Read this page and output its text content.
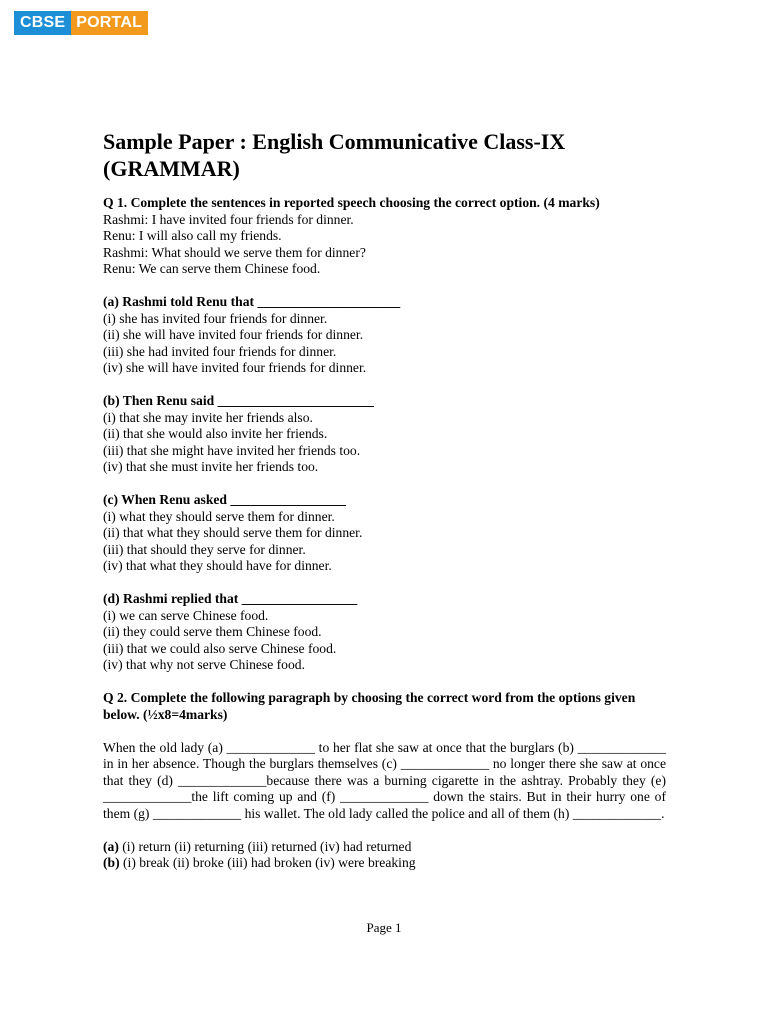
CBSE PORTAL
Sample Paper : English Communicative Class-IX (GRAMMAR)

Q 1. Complete the sentences in reported speech choosing the correct option. (4 marks)

Rashmi: I have invited four friends for dinner.

Renu: I will also call my friends.

Rashmi: What should we serve them for dinner?

Renu: We can serve them Chinese food.

(a) Rashmi told Renu that _____________________

(i) she has invited four friends for dinner.

(ii) she will have invited four friends for dinner.

(iii) she had invited four friends for dinner.

(iv) she will have invited four friends for dinner.

(b) Then Renu said _______________________

(i) that she may invite her friends also.

(ii) that she would also invite her friends.

(iii) that she might have invited her friends too.

(iv) that she must invite her friends too.

(c) When Renu asked _________________

(i) what they should serve them for dinner.

(ii) that what they should serve them for dinner.

(iii) that should they serve for dinner.

(iv) that what they should have for dinner.

(d) Rashmi replied that _________________

(i) we can serve Chinese food.

(ii) they could serve them Chinese food.

(iii) that we could also serve Chinese food.

(iv) that why not serve Chinese food.

Q 2. Complete the following paragraph by choosing the correct word from the options given below. (½x8=4marks)

When the old lady (a) _____________ to her flat she saw at once that the burglars (b) _____________ in in her absence. Though the burglars themselves (c) _____________ no longer there she saw at once that they (d) _____________because there was a burning cigarette in the ashtray. Probably they (e) _____________the lift coming up and (f) _____________ down the stairs. But in their hurry one of them (g) _____________ his wallet. The old lady called the police and all of them (h) _____________.

(a) (i) return (ii) returning (iii) returned (iv) had returned

(b) (i) break (ii) broke (iii) had broken (iv) were breaking

Page 1
